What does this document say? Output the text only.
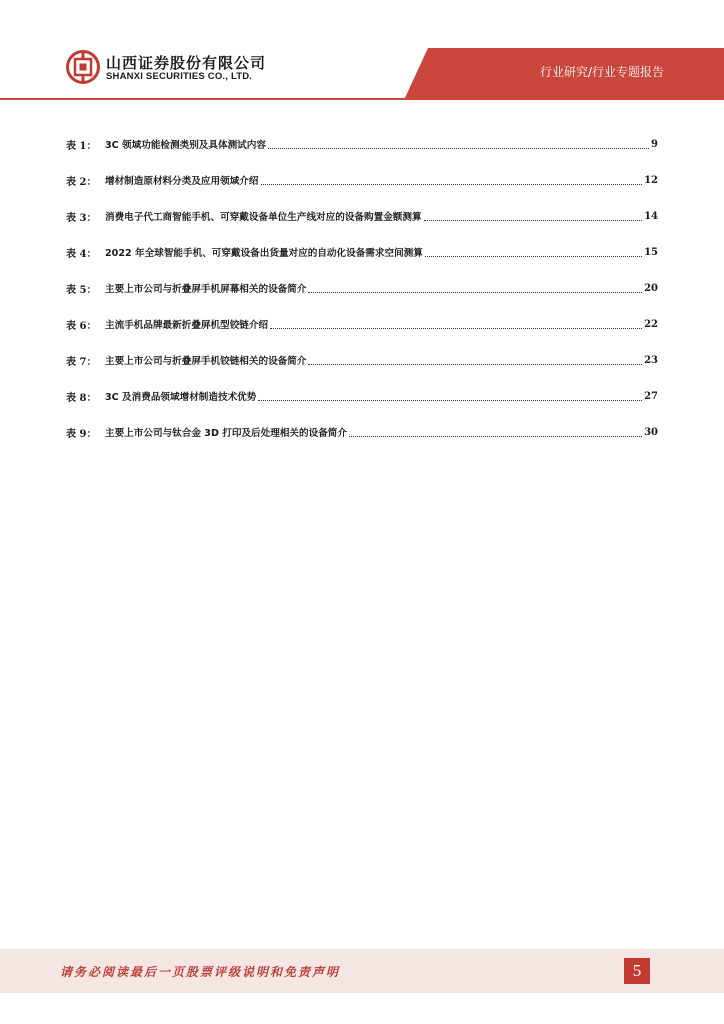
山西证券股份有限公司
SHANXI SECURITIES CO., LTD.	行业研究/行业专题报告
表 1： 3C 领域功能检测类别及具体测试内容	9
表 2： 增材制造原材料分类及应用领域介绍	12
表 3： 消费电子代工商智能手机、可穿戴设备单位生产线对应的设备购置金额测算	14
表 4： 2022 年全球智能手机、可穿戴设备出货量对应的自动化设备需求空间测算	15
表 5： 主要上市公司与折叠屏手机屏幕相关的设备简介	20
表 6： 主流手机品牌最新折叠屏机型铰链介绍	22
表 7： 主要上市公司与折叠屏手机铰链相关的设备简介	23
表 8： 3C 及消费品领域增材制造技术优势	27
表 9： 主要上市公司与钛合金 3D 打印及后处理相关的设备简介	30
请务必阅读最后一页股票评级说明和免责声明	5
